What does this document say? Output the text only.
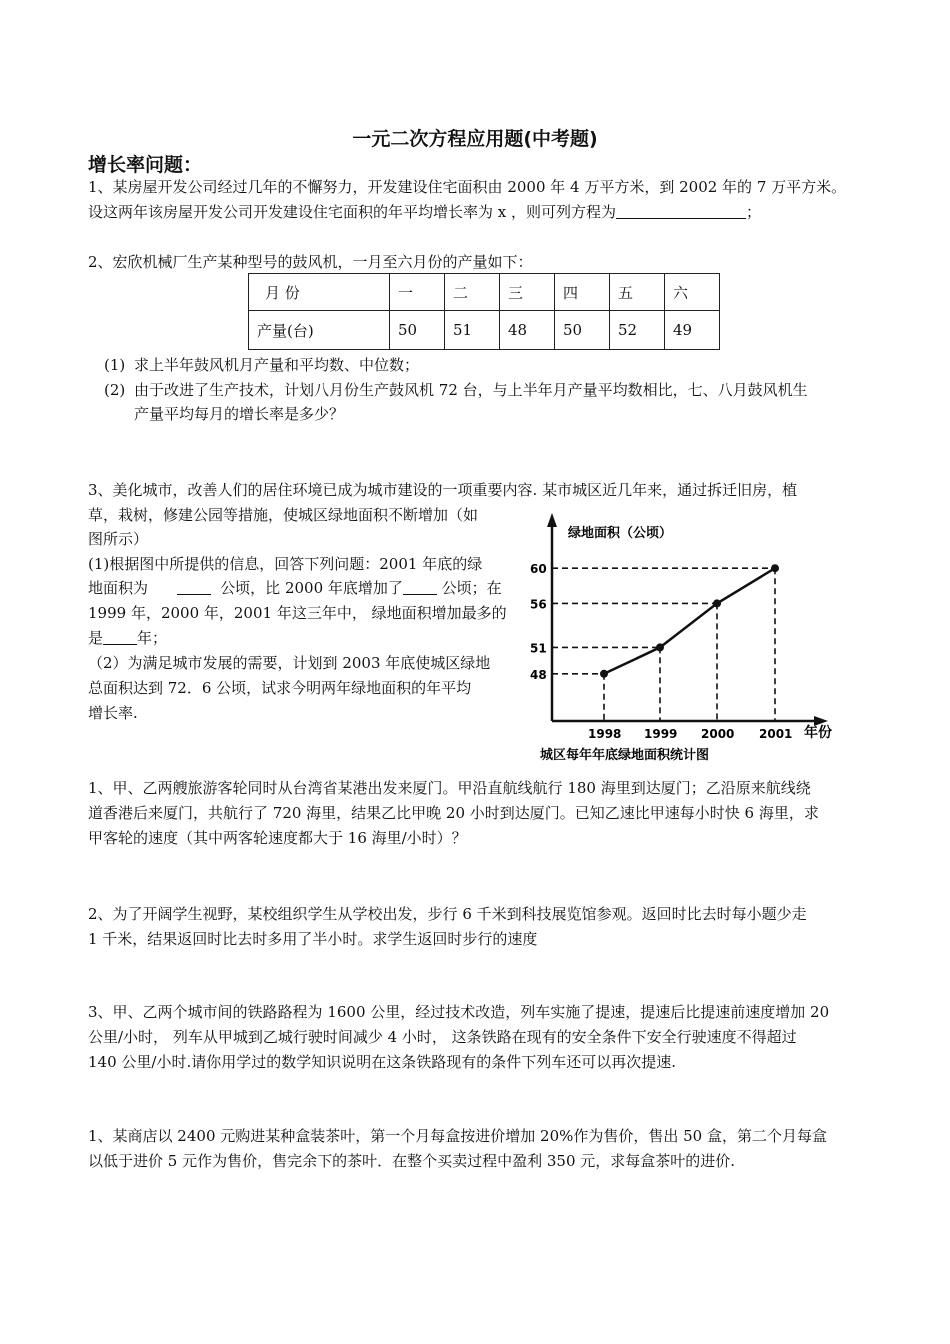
一元二次方程应用题(中考题)
增长率问题：
1、某房屋开发公司经过几年的不懈努力，开发建设住宅面积由 2000 年 4 万平方米，到 2002 年的 7 万平方米。
设这两年该房屋开发公司开发建设住宅面积的年平均增长率为 x ，则可列方程为	；
2、宏欣机械厂生产某种型号的鼓风机，一月至六月份的产量如下：
月 份	一	二	三	四	五	六
产量(台)	50	51	48	50	52	49
(1) 求上半年鼓风机月产量和平均数、中位数；
(2) 由于改进了生产技术，计划八月份生产鼓风机 72 台，与上半年月产量平均数相比，七、八月鼓风机生
产量平均每月的增长率是多少？
3、美化城市，改善人们的居住环境已成为城市建设的一项重要内容. 某市城区近几年来，通过拆迁旧房，植
草，栽树，修建公园等措施，使城区绿地面积不断增加（如
图所示）
(1)根据图中所提供的信息，回答下列问题：2001 年底的绿
地面积为	公顷，比 2000 年底增加了	公顷；在
1999 年，2000 年，2001 年这三年中， 绿地面积增加最多的
是 年；
（2）为满足城市发展的需要，计划到 2003 年底使城区绿地
总面积达到 72．6 公顷，试求今明两年绿地面积的年平均
增长率.
绿地面积（公顷）
年份
城区每年年底绿地面积统计图
48
51
56
60
1998 1999 2000 2001
1、甲、乙两艘旅游客轮同时从台湾省某港出发来厦门。甲沿直航线航行 180 海里到达厦门；乙沿原来航线绕
道香港后来厦门，共航行了 720 海里，结果乙比甲晚 20 小时到达厦门。已知乙速比甲速每小时快 6 海里，求
甲客轮的速度（其中两客轮速度都大于 16 海里/小时）？
2、为了开阔学生视野，某校组织学生从学校出发，步行 6 千米到科技展览馆参观。返回时比去时每小题少走
1 千米，结果返回时比去时多用了半小时。求学生返回时步行的速度
3、甲、乙两个城市间的铁路路程为 1600 公里，经过技术改造，列车实施了提速，提速后比提速前速度增加 20
公里/小时， 列车从甲城到乙城行驶时间减少 4 小时， 这条铁路在现有的安全条件下安全行驶速度不得超过
140 公里/小时.请你用学过的数学知识说明在这条铁路现有的条件下列车还可以再次提速.
1、某商店以 2400 元购进某种盒装茶叶，第一个月每盒按进价增加 20%作为售价，售出 50 盒，第二个月每盒
以低于进价 5 元作为售价，售完余下的茶叶．在整个买卖过程中盈利 350 元，求每盒茶叶的进价.
